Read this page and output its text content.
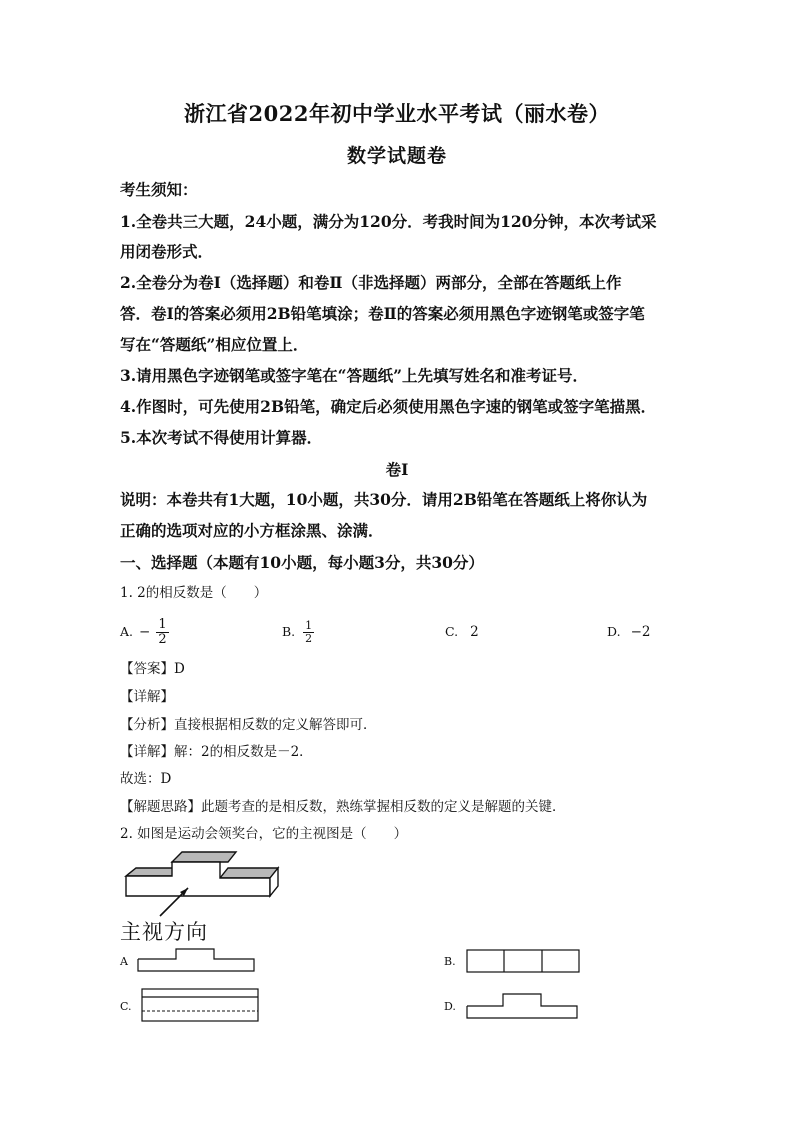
浙江省2022年初中学业水平考试（丽水卷）
数学试题卷
考生须知：
1.全卷共三大题，24小题，满分为120分．考我时间为120分钟，本次考试采
用闭卷形式．
2.全卷分为卷Ⅰ（选择题）和卷Ⅱ（非选择题）两部分，全部在答题纸上作
答．卷Ⅰ的答案必须用2B铅笔填涂；卷Ⅱ的答案必须用黑色字迹钢笔或签字笔
写在“答题纸”相应位置上．
3.请用黑色字迹钢笔或签字笔在“答题纸”上先填写姓名和准考证号．
4.作图时，可先使用2B铅笔，确定后必须使用黑色字速的钢笔或签字笔描黑．
5.本次考试不得使用计算器．
卷Ⅰ
说明：本卷共有1大题，10小题，共30分．请用2B铅笔在答题纸上将你认为
正确的选项对应的小方框涂黑、涂满．
一、选择题（本题有10小题，每小题3分，共30分）
1. 2的相反数是（　　）
A. − $\frac{1}{2}$	B. $\frac{1}{2}$	C. 2	D. −2
【答案】D
【详解】
【分析】直接根据相反数的定义解答即可．
【详解】解：2的相反数是－2．
故选：D
【解题思路】此题考查的是相反数，熟练掌握相反数的定义是解题的关键．
2. 如图是运动会领奖台，它的主视图是（　　）
主视方向
A	B.
C.	D.
